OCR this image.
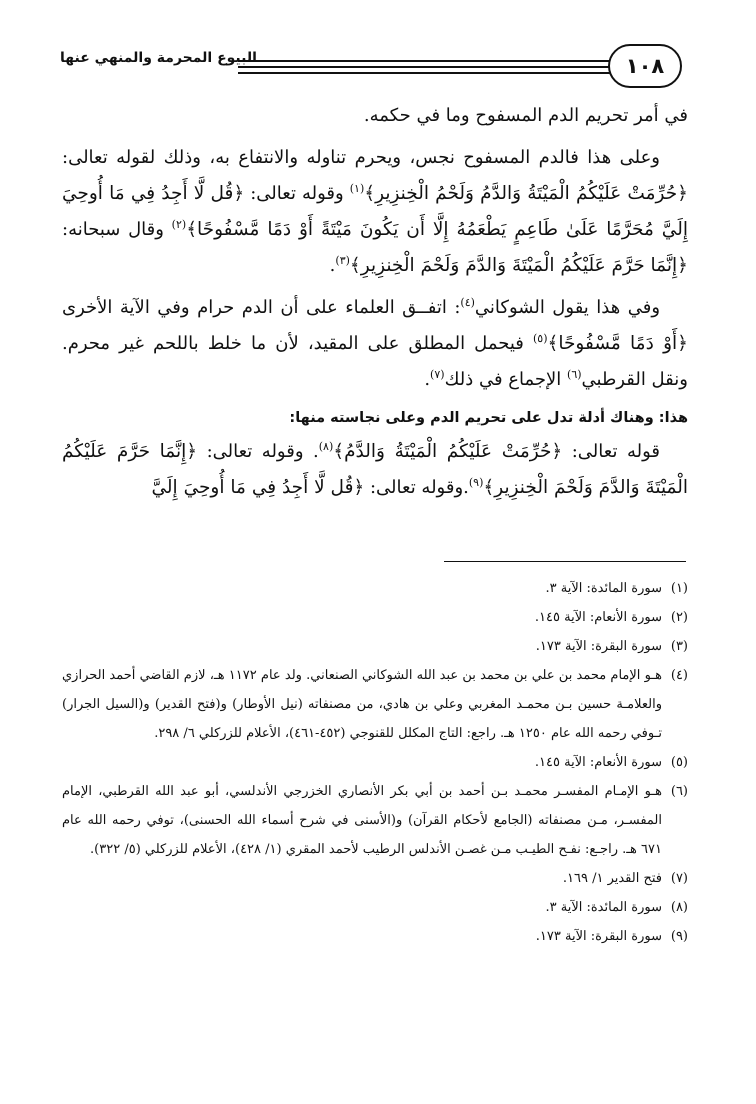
١٠٨
البيوع المحرمة والمنهي عنها

في أمر تحريم الدم المسفوح وما في حكمه.

وعلى هذا فالدم المسفوح نجس، ويحرم تناوله والانتفاع به، وذلك لقوله تعالى: ﴿حُرِّمَتْ عَلَيْكُمُ الْمَيْتَةُ وَالدَّمُ وَلَحْمُ الْخِنزِيرِ﴾$^{(١)}$ وقوله تعالى: ﴿قُل لَّا أَجِدُ فِي مَا أُوحِيَ إِلَيَّ مُحَرَّمًا عَلَىٰ طَاعِمٍ يَطْعَمُهُ إِلَّا أَن يَكُونَ مَيْتَةً أَوْ دَمًا مَّسْفُوحًا﴾$^{(٢)}$ وقال سبحانه: ﴿إِنَّمَا حَرَّمَ عَلَيْكُمُ الْمَيْتَةَ وَالدَّمَ وَلَحْمَ الْخِنزِيرِ﴾$^{(٣)}$.

وفي هذا يقول الشوكاني$^{(٤)}$: اتفــق العلماء على أن الدم حرام وفي الآية الأخرى ﴿أَوْ دَمًا مَّسْفُوحًا﴾$^{(٥)}$ فيحمل المطلق على المقيد، لأن ما خلط باللحم غير محرم. ونقل القرطبي$^{(٦)}$ الإجماع في ذلك$^{(٧)}$.

هذا: وهناك أدلة تدل على تحريم الدم وعلى نجاسته منها:

قوله تعالى: ﴿حُرِّمَتْ عَلَيْكُمُ الْمَيْتَةُ وَالدَّمُ﴾$^{(٨)}$. وقوله تعالى: ﴿إِنَّمَا حَرَّمَ عَلَيْكُمُ الْمَيْتَةَ وَالدَّمَ وَلَحْمَ الْخِنزِيرِ﴾$^{(٩)}$.وقوله تعالى: ﴿قُل لَّا أَجِدُ فِي مَا أُوحِيَ إِلَيَّ

(١)
سورة المائدة: الآية ٣.

(٢)
سورة الأنعام: الآية ١٤٥.

(٣)
سورة البقرة: الآية ١٧٣.

(٤)
هـو الإمام محمد بن علي بن محمد بن عبد الله الشوكاني الصنعاني. ولد عام ١١٧٢ هـ، لازم القاضي أحمد الحرازي والعلامـة حسين بـن محمـد المغربي وعلي بن هادي، من مصنفاته (نيل الأوطار) و(فتح القدير) و(السيل الجرار) تـوفي رحمه الله عام ١٢٥٠ هـ. راجع: التاج المكلل للقنوجي (٤٥٢-٤٦١)، الأعلام للزركلي ٦/ ٢٩٨.

(٥)
سورة الأنعام: الآية ١٤٥.

(٦)
هـو الإمـام المفسـر محمـد بـن أحمد بن أبي بكر الأنصاري الخزرجي الأندلسي، أبو عبد الله القرطبي، الإمام المفسـر، مـن مصنفاته (الجامع لأحكام القرآن) و(الأسنى في شرح أسماء الله الحسنى)، توفي رحمه الله عام ٦٧١ هـ. راجـع: نفـح الطيـب مـن غصـن الأندلس الرطيب لأحمد المقري (١/ ٤٢٨)، الأعلام للزركلي (٥/ ٣٢٢).

(٧)
فتح القدير ١/ ١٦٩.

(٨)
سورة المائدة: الآية ٣.

(٩)
سورة البقرة: الآية ١٧٣.
